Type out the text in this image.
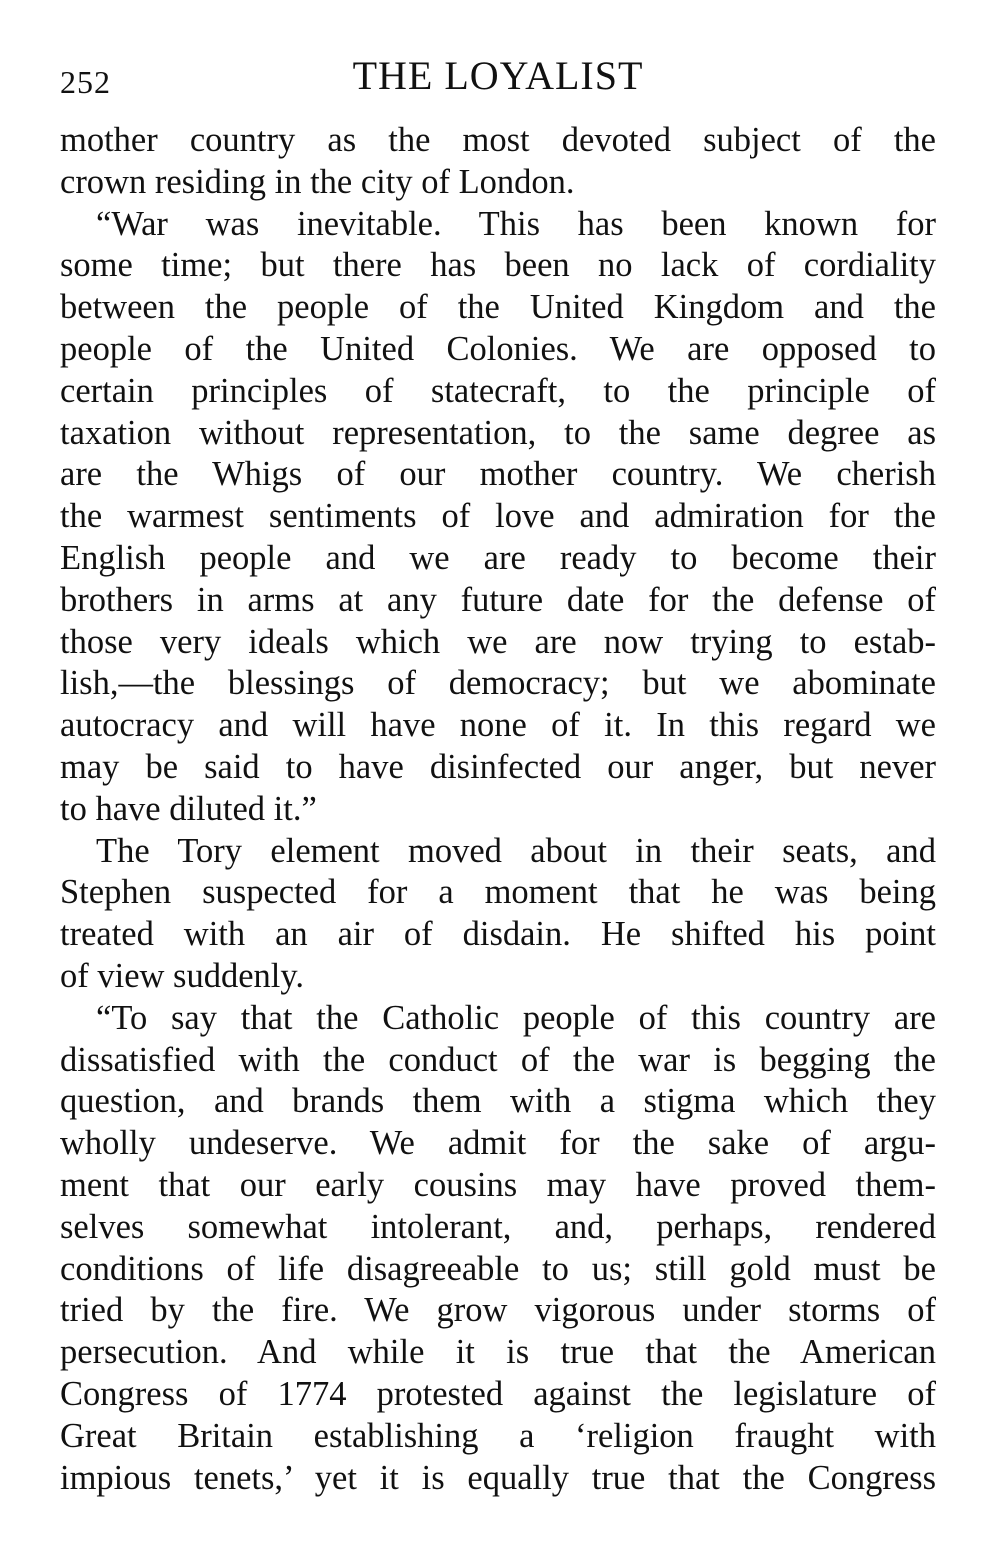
252	THE LOYALIST
mother country as the most devoted subject of the
crown residing in the city of London.
“War was inevitable. This has been known for
some time; but there has been no lack of cordiality
between the people of the United Kingdom and the
people of the United Colonies. We are opposed to
certain principles of statecraft, to the principle of
taxation without representation, to the same degree as
are the Whigs of our mother country. We cherish
the warmest sentiments of love and admiration for the
English people and we are ready to become their
brothers in arms at any future date for the defense of
those very ideals which we are now trying to estab-
lish,—the blessings of democracy; but we abominate
autocracy and will have none of it. In this regard we
may be said to have disinfected our anger, but never
to have diluted it.”
The Tory element moved about in their seats, and
Stephen suspected for a moment that he was being
treated with an air of disdain. He shifted his point
of view suddenly.
“To say that the Catholic people of this country are
dissatisfied with the conduct of the war is begging the
question, and brands them with a stigma which they
wholly undeserve. We admit for the sake of argu-
ment that our early cousins may have proved them-
selves somewhat intolerant, and, perhaps, rendered
conditions of life disagreeable to us; still gold must be
tried by the fire. We grow vigorous under storms of
persecution. And while it is true that the American
Congress of 1774 protested against the legislature of
Great Britain establishing a ‘religion fraught with
impious tenets,’ yet it is equally true that the Congress
